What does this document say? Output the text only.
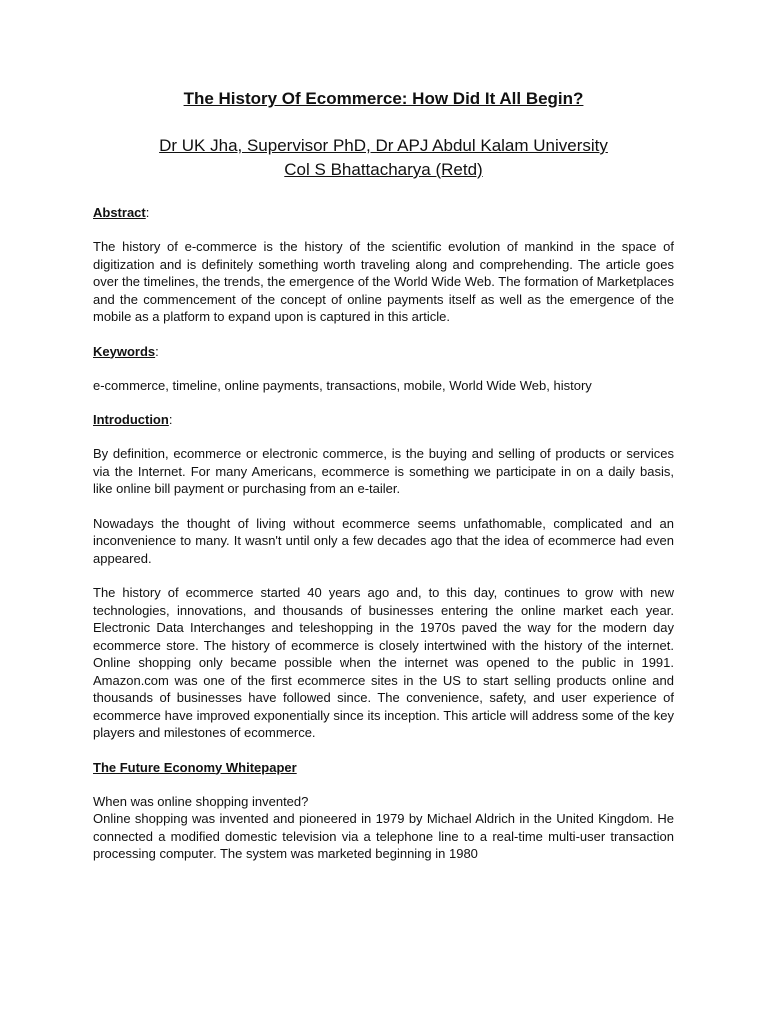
The History Of Ecommerce: How Did It All Begin?
Dr UK Jha, Supervisor PhD, Dr APJ Abdul Kalam University
Col S Bhattacharya (Retd)
Abstract:

The history of e-commerce is the history of the scientific evolution of mankind in the space of digitization and is definitely something worth traveling along and comprehending. The article goes over the timelines, the trends, the emergence of the World Wide Web. The formation of Marketplaces and the commencement of the concept of online payments itself as well as the emergence of the mobile as a platform to expand upon is captured in this article.

Keywords:

e-commerce, timeline, online payments, transactions, mobile, World Wide Web, history

Introduction:

By definition, ecommerce or electronic commerce, is the buying and selling of products or services via the Internet. For many Americans, ecommerce is something we participate in on a daily basis, like online bill payment or purchasing from an e-tailer.

Nowadays the thought of living without ecommerce seems unfathomable, complicated and an inconvenience to many. It wasn't until only a few decades ago that the idea of ecommerce had even appeared.

The history of ecommerce started 40 years ago and, to this day, continues to grow with new technologies, innovations, and thousands of businesses entering the online market each year. Electronic Data Interchanges and teleshopping in the 1970s paved the way for the modern day ecommerce store. The history of ecommerce is closely intertwined with the history of the internet. Online shopping only became possible when the internet was opened to the public in 1991. Amazon.com was one of the first ecommerce sites in the US to start selling products online and thousands of businesses have followed since. The convenience, safety, and user experience of ecommerce have improved exponentially since its inception. This article will address some of the key players and milestones of ecommerce.

The Future Economy Whitepaper

When was online shopping invented?

Online shopping was invented and pioneered in 1979 by Michael Aldrich in the United Kingdom. He connected a modified domestic television via a telephone line to a real-time multi-user transaction processing computer. The system was marketed beginning in 1980
